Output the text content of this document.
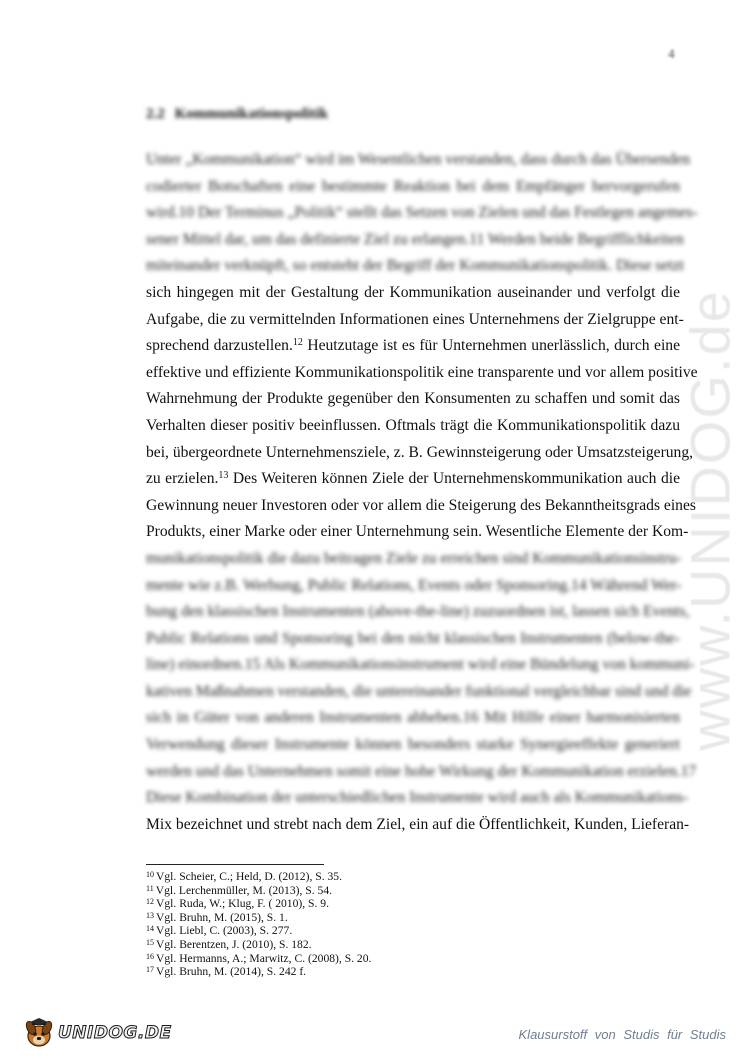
4
2.2 Kommunikationspolitik
Unter „Kommunikation“ wird im Wesentlichen verstanden, dass durch das Übersenden
codierter Botschaften eine bestimmte Reaktion bei dem Empfänger hervorgerufen
wird.10 Der Terminus „Politik“ stellt das Setzen von Zielen und das Festlegen angemes-
sener Mittel dar, um das definierte Ziel zu erlangen.11 Werden beide Begrifflichkeiten
miteinander verknüpft, so entsteht der Begriff der Kommunikationspolitik. Diese setzt
sich hingegen mit der Gestaltung der Kommunikation auseinander und verfolgt die
Aufgabe, die zu vermittelnden Informationen eines Unternehmens der Zielgruppe ent-
sprechend darzustellen.$^{12}$ Heutzutage ist es für Unternehmen unerlässlich, durch eine
effektive und effiziente Kommunikationspolitik eine transparente und vor allem positive
Wahrnehmung der Produkte gegenüber den Konsumenten zu schaffen und somit das
Verhalten dieser positiv beeinflussen. Oftmals trägt die Kommunikationspolitik dazu
bei, übergeordnete Unternehmensziele, z. B. Gewinnsteigerung oder Umsatzsteigerung,
zu erzielen.$^{13}$ Des Weiteren können Ziele der Unternehmenskommunikation auch die
Gewinnung neuer Investoren oder vor allem die Steigerung des Bekanntheitsgrads eines
Produkts, einer Marke oder einer Unternehmung sein. Wesentliche Elemente der Kom-
munikationspolitik die dazu beitragen Ziele zu erreichen sind Kommunikationsinstru-
mente wie z.B. Werbung, Public Relations, Events oder Sponsoring.14 Während Wer-
bung den klassischen Instrumenten (above-the-line) zuzuordnen ist, lassen sich Events,
Public Relations und Sponsoring bei den nicht klassischen Instrumenten (below-the-
line) einordnen.15 Als Kommunikationsinstrument wird eine Bündelung von kommuni-
kativen Maßnahmen verstanden, die untereinander funktional vergleichbar sind und die
sich in Güter von anderen Instrumenten abheben.16 Mit Hilfe einer harmonisierten
Verwendung dieser Instrumente können besonders starke Synergieeffekte generiert
werden und das Unternehmen somit eine hohe Wirkung der Kommunikation erzielen.17
Diese Kombination der unterschiedlichen Instrumente wird auch als Kommunikations-
Mix bezeichnet und strebt nach dem Ziel, ein auf die Öffentlichkeit, Kunden, Lieferan-
www.UNIDOG.de
$^{10}$ Vgl. Scheier, C.; Held, D. (2012), S. 35.
$^{11}$ Vgl. Lerchenmüller, M. (2013), S. 54.
$^{12}$ Vgl. Ruda, W.; Klug, F. ( 2010), S. 9.
$^{13}$ Vgl. Bruhn, M. (2015), S. 1.
$^{14}$ Vgl. Liebl, C. (2003), S. 277.
$^{15}$ Vgl. Berentzen, J. (2010), S. 182.
$^{16}$ Vgl. Hermanns, A.; Marwitz, C. (2008), S. 20.
$^{17}$ Vgl. Bruhn, M. (2014), S. 242 f.
UNIDOG.DE	Klausurstoff von Studis für Studis
